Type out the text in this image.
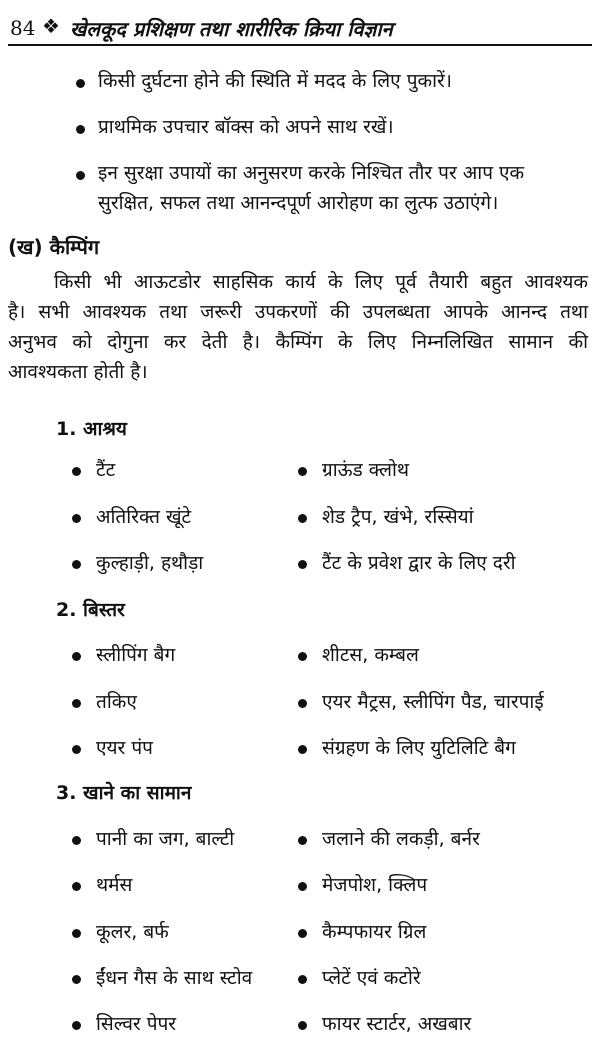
84 ❖ खेलकूद प्रशिक्षण तथा शारीरिक क्रिया विज्ञान
किसी दुर्घटना होने की स्थिति में मदद के लिए पुकारें।
प्राथमिक उपचार बॉक्स को अपने साथ रखें।
इन सुरक्षा उपायों का अनुसरण करके निश्चित तौर पर आप एक
सुरक्षित, सफल तथा आनन्दपूर्ण आरोहण का लुत्फ उठाएंगे।
(ख) कैम्पिंग
किसी भी आऊटडोर साहसिक कार्य के लिए पूर्व तैयारी बहुत आवश्यक
है। सभी आवश्यक तथा जरूरी उपकरणों की उपलब्धता आपके आनन्द तथा
अनुभव को दोगुना कर देती है। कैम्पिंग के लिए निम्नलिखित सामान की
आवश्यकता होती है।
1. आश्रय
टैंट	ग्राऊंड क्लोथ
अतिरिक्त खूंटे	शेड ट्रैप, खंभे, रस्सियां
कुल्हाड़ी, हथौड़ा	टैंट के प्रवेश द्वार के लिए दरी
2. बिस्तर
स्लीपिंग बैग	शीटस, कम्बल
तकिए	एयर मैट्रस, स्लीपिंग पैड, चारपाई
एयर पंप	संग्रहण के लिए युटिलिटि बैग
3. खाने का सामान
पानी का जग, बाल्टी	जलाने की लकड़ी, बर्नर
थर्मस	मेजपोश, क्लिप
कूलर, बर्फ	कैम्पफायर ग्रिल
ईंधन गैस के साथ स्टोव	प्लेटें एवं कटोरे
सिल्वर पेपर	फायर स्टार्टर, अखबार
